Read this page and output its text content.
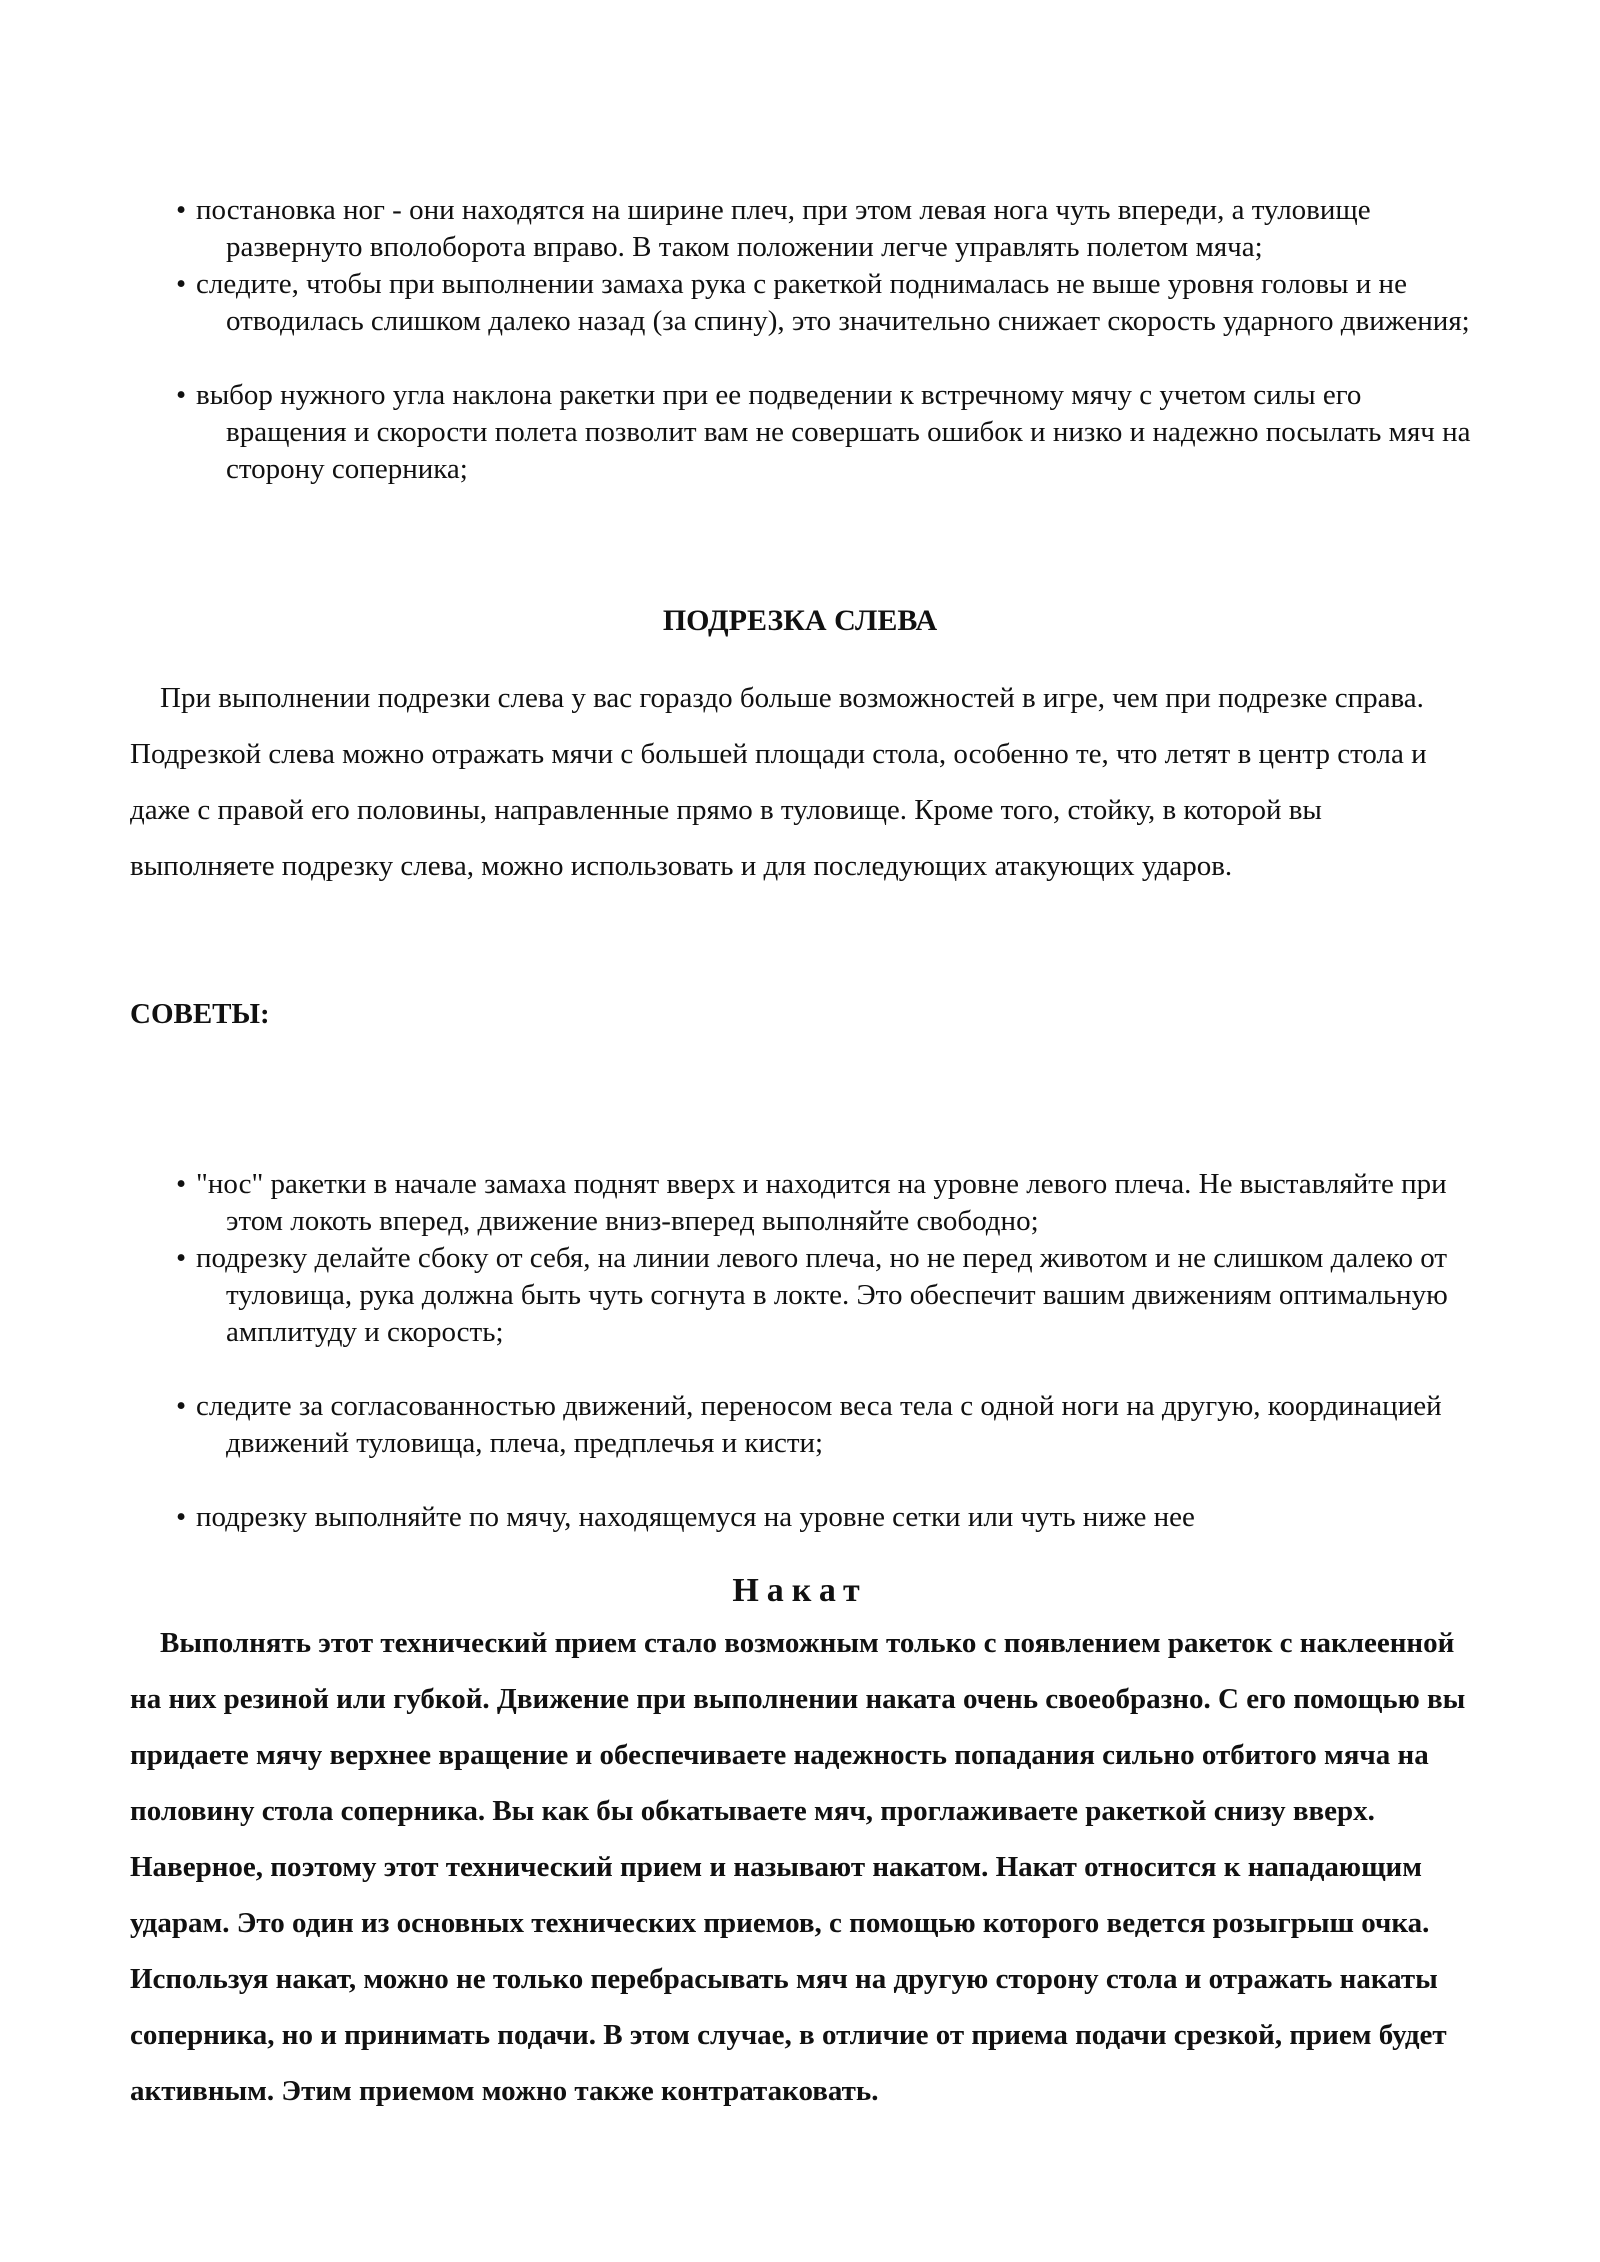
• постановка ног - они находятся на ширине плеч, при этом левая нога чуть впереди, а туловище развернуто вполоборота вправо. В таком положении легче управлять полетом мяча;
• следите, чтобы при выполнении замаха рука с ракеткой поднималась не выше уровня головы и не отводилась слишком далеко назад (за спину), это значительно снижает скорость ударного движения;
• выбор нужного угла наклона ракетки при ее подведении к встречному мячу с учетом силы его вращения и скорости полета позволит вам не совершать ошибок и низко и надежно посылать мяч на сторону соперника;
ПОДРЕЗКА СЛЕВА

При выполнении подрезки слева у вас гораздо больше возможностей в игре, чем при подрезке справа. Подрезкой слева можно отражать мячи с большей площади стола, особенно те, что летят в центр стола и даже с правой его половины, направленные прямо в туловище. Кроме того, стойку, в которой вы выполняете подрезку слева, можно использовать и для последующих атакующих ударов.

СОВЕТЫ:
• "нос" ракетки в начале замаха поднят вверх и находится на уровне левого плеча. Не выставляйте при этом локоть вперед, движение вниз-вперед выполняйте свободно;
• подрезку делайте сбоку от себя, на линии левого плеча, но не перед животом и не слишком далеко от туловища, рука должна быть чуть согнута в локте. Это обеспечит вашим движениям оптимальную амплитуду и скорость;
• следите за согласованностью движений, переносом веса тела с одной ноги на другую, координацией движений туловища, плеча, предплечья и кисти;
• подрезку выполняйте по мячу, находящемуся на уровне сетки или чуть ниже нее
Накат

Выполнять этот технический прием стало возможным только с появлением ракеток с наклеенной на них резиной или губкой. Движение при выполнении наката очень своеобразно. С его помощью вы придаете мячу верхнее вращение и обеспечиваете надежность попадания сильно отбитого мяча на половину стола соперника. Вы как бы обкатываете мяч, проглаживаете ракеткой снизу вверх. Наверное, поэтому этот технический прием и называют накатом. Накат относится к нападающим ударам. Это один из основных технических приемов, с помощью которого ведется розыгрыш очка. Используя накат, можно не только перебрасывать мяч на другую сторону стола и отражать накаты соперника, но и принимать подачи. В этом случае, в отличие от приема подачи срезкой, прием будет активным. Этим приемом можно также контратаковать.
